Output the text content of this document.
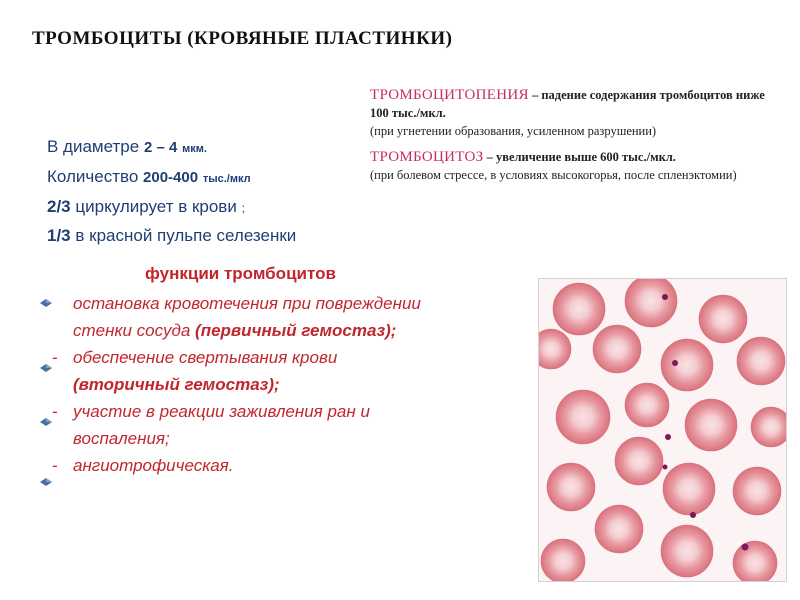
ТРОМБОЦИТЫ (КРОВЯНЫЕ ПЛАСТИНКИ)
В диаметре 2 – 4 мкм.
Количество 200-400 тыс./мкл
2/3 циркулирует в крови ;
1/3 в красной пульпе селезенки
ТРОМБОЦИТОПЕНИЯ – падение содержания тромбоцитов ниже 100 тыс./мкл.
(при угнетении образования, усиленном разрушении)
ТРОМБОЦИТОЗ – увеличение выше 600 тыс./мкл.
(при болевом стрессе, в условиях высокогорья, после спленэктомии)
функции тромбоцитов
остановка кровотечения при повреждении
стенки сосуда (первичный гемостаз);
- обеспечение свертывания крови
(вторичный гемостаз);
- участие в реакции заживления ран и
воспаления;
- ангиотрофическая.
